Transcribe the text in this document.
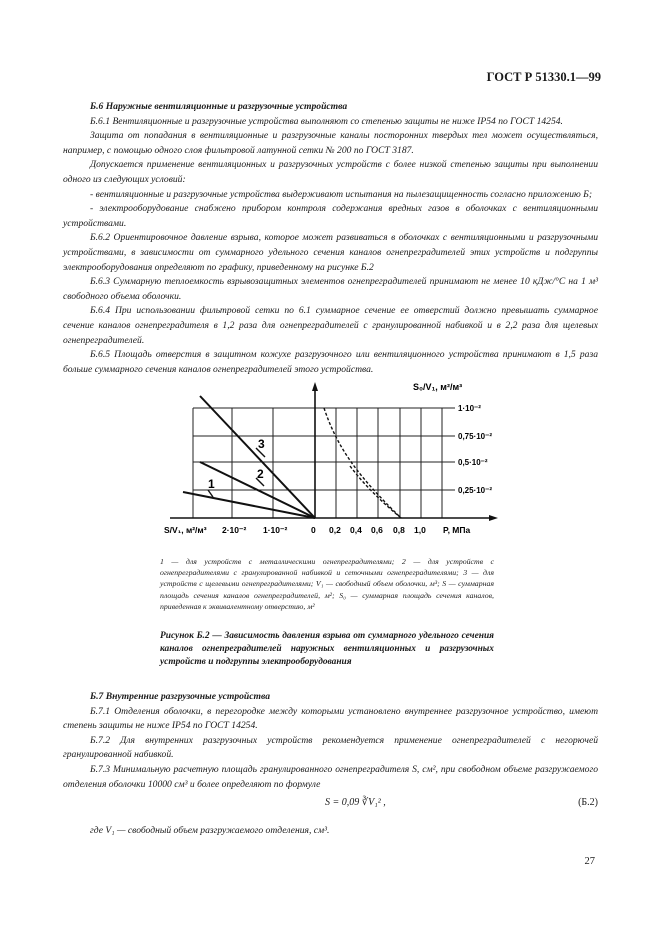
ГОСТ Р 51330.1—99

Б.6 Наружные вентиляционные и разгрузочные устройства

Б.6.1 Вентиляционные и разгрузочные устройства выполняют со степенью защиты не ниже IP54 по ГОСТ 14254.

Защита от попадания в вентиляционные и разгрузочные каналы посторонних твердых тел может осуществляться, например, с помощью одного слоя фильтровой латунной сетки № 200 по ГОСТ 3187.

Допускается применение вентиляционных и разгрузочных устройств с более низкой степенью защиты при выполнении одного из следующих условий:

- вентиляционные и разгрузочные устройства выдерживают испытания на пылезащищенность согласно приложению Б;

- электрооборудование снабжено прибором контроля содержания вредных газов в оболочках с вентиляционными устройствами.

Б.6.2 Ориентировочное давление взрыва, которое может развиваться в оболочках с вентиляционными и разгрузочными устройствами, в зависимости от суммарного удельного сечения каналов огнепреградителей этих устройств и подгруппы электрооборудования определяют по графику, приведенному на рисунке Б.2

Б.6.3 Суммарную теплоемкость взрывозащитных элементов огнепреградителей принимают не менее 10 кДж/°С на 1 м³ свободного объема оболочки.

Б.6.4 При использовании фильтровой сетки по 6.1 суммарное сечение ее отверстий должно превышать суммарное сечение каналов огнепреградителя в 1,2 раза для огнепреградителей с гранулированной набивкой и в 2,2 раза для щелевых огнепреградителей.

Б.6.5 Площадь отверстия в защитном кожухе разгрузочного или вентиляционного устройства принимают в 1,5 раза больше суммарного сечения каналов огнепреградителей этого устройства.

3
2
1
S₀/V₁, м²/м³
1·10⁻²
0,75·10⁻²
0,5·10⁻²
0,25·10⁻²
S/V₁, м²/м³ 2·10⁻² 1·10⁻²	0 0,2 0,4 0,6 0,8 1,0 P, МПа
1 — для устройств с металлическими огнепреградителями; 2 — для устройств с огнепреградителями с гранулированной набивкой и сеточными огнепреградителями; 3 — для устройств с щелевыми огнепреградителями; V₁ — свободный объем оболочки, м³; S — суммарная площадь сечения каналов огнепреградителей, м²; S₀ — суммарная площадь сечения каналов, приведенная к эквивалентному отверстию, м²
Рисунок Б.2 — Зависимость давления взрыва от суммарного удельного сечения каналов огнепреградителей наружных вентиляционных и разгрузочных устройств и подгруппы электрооборудования

Б.7 Внутренние разгрузочные устройства

Б.7.1 Отделения оболочки, в перегородке между которыми установлено внутреннее разгрузочное устройство, имеют степень защиты не ниже IP54 по ГОСТ 14254.

Б.7.2 Для внутренних разгрузочных устройств рекомендуется применение огнепреградителей с негорючей гранулированной набивкой.

Б.7.3 Минимальную расчетную площадь гранулированного огнепреградителя S, см², при свободном объеме разгружаемого отделения оболочки 10000 см³ и более определяют по формуле

S = 0,09 ∛V₁² ,	(Б.2)

где V₁ — свободный объем разгружаемого отделения, см³.

27
